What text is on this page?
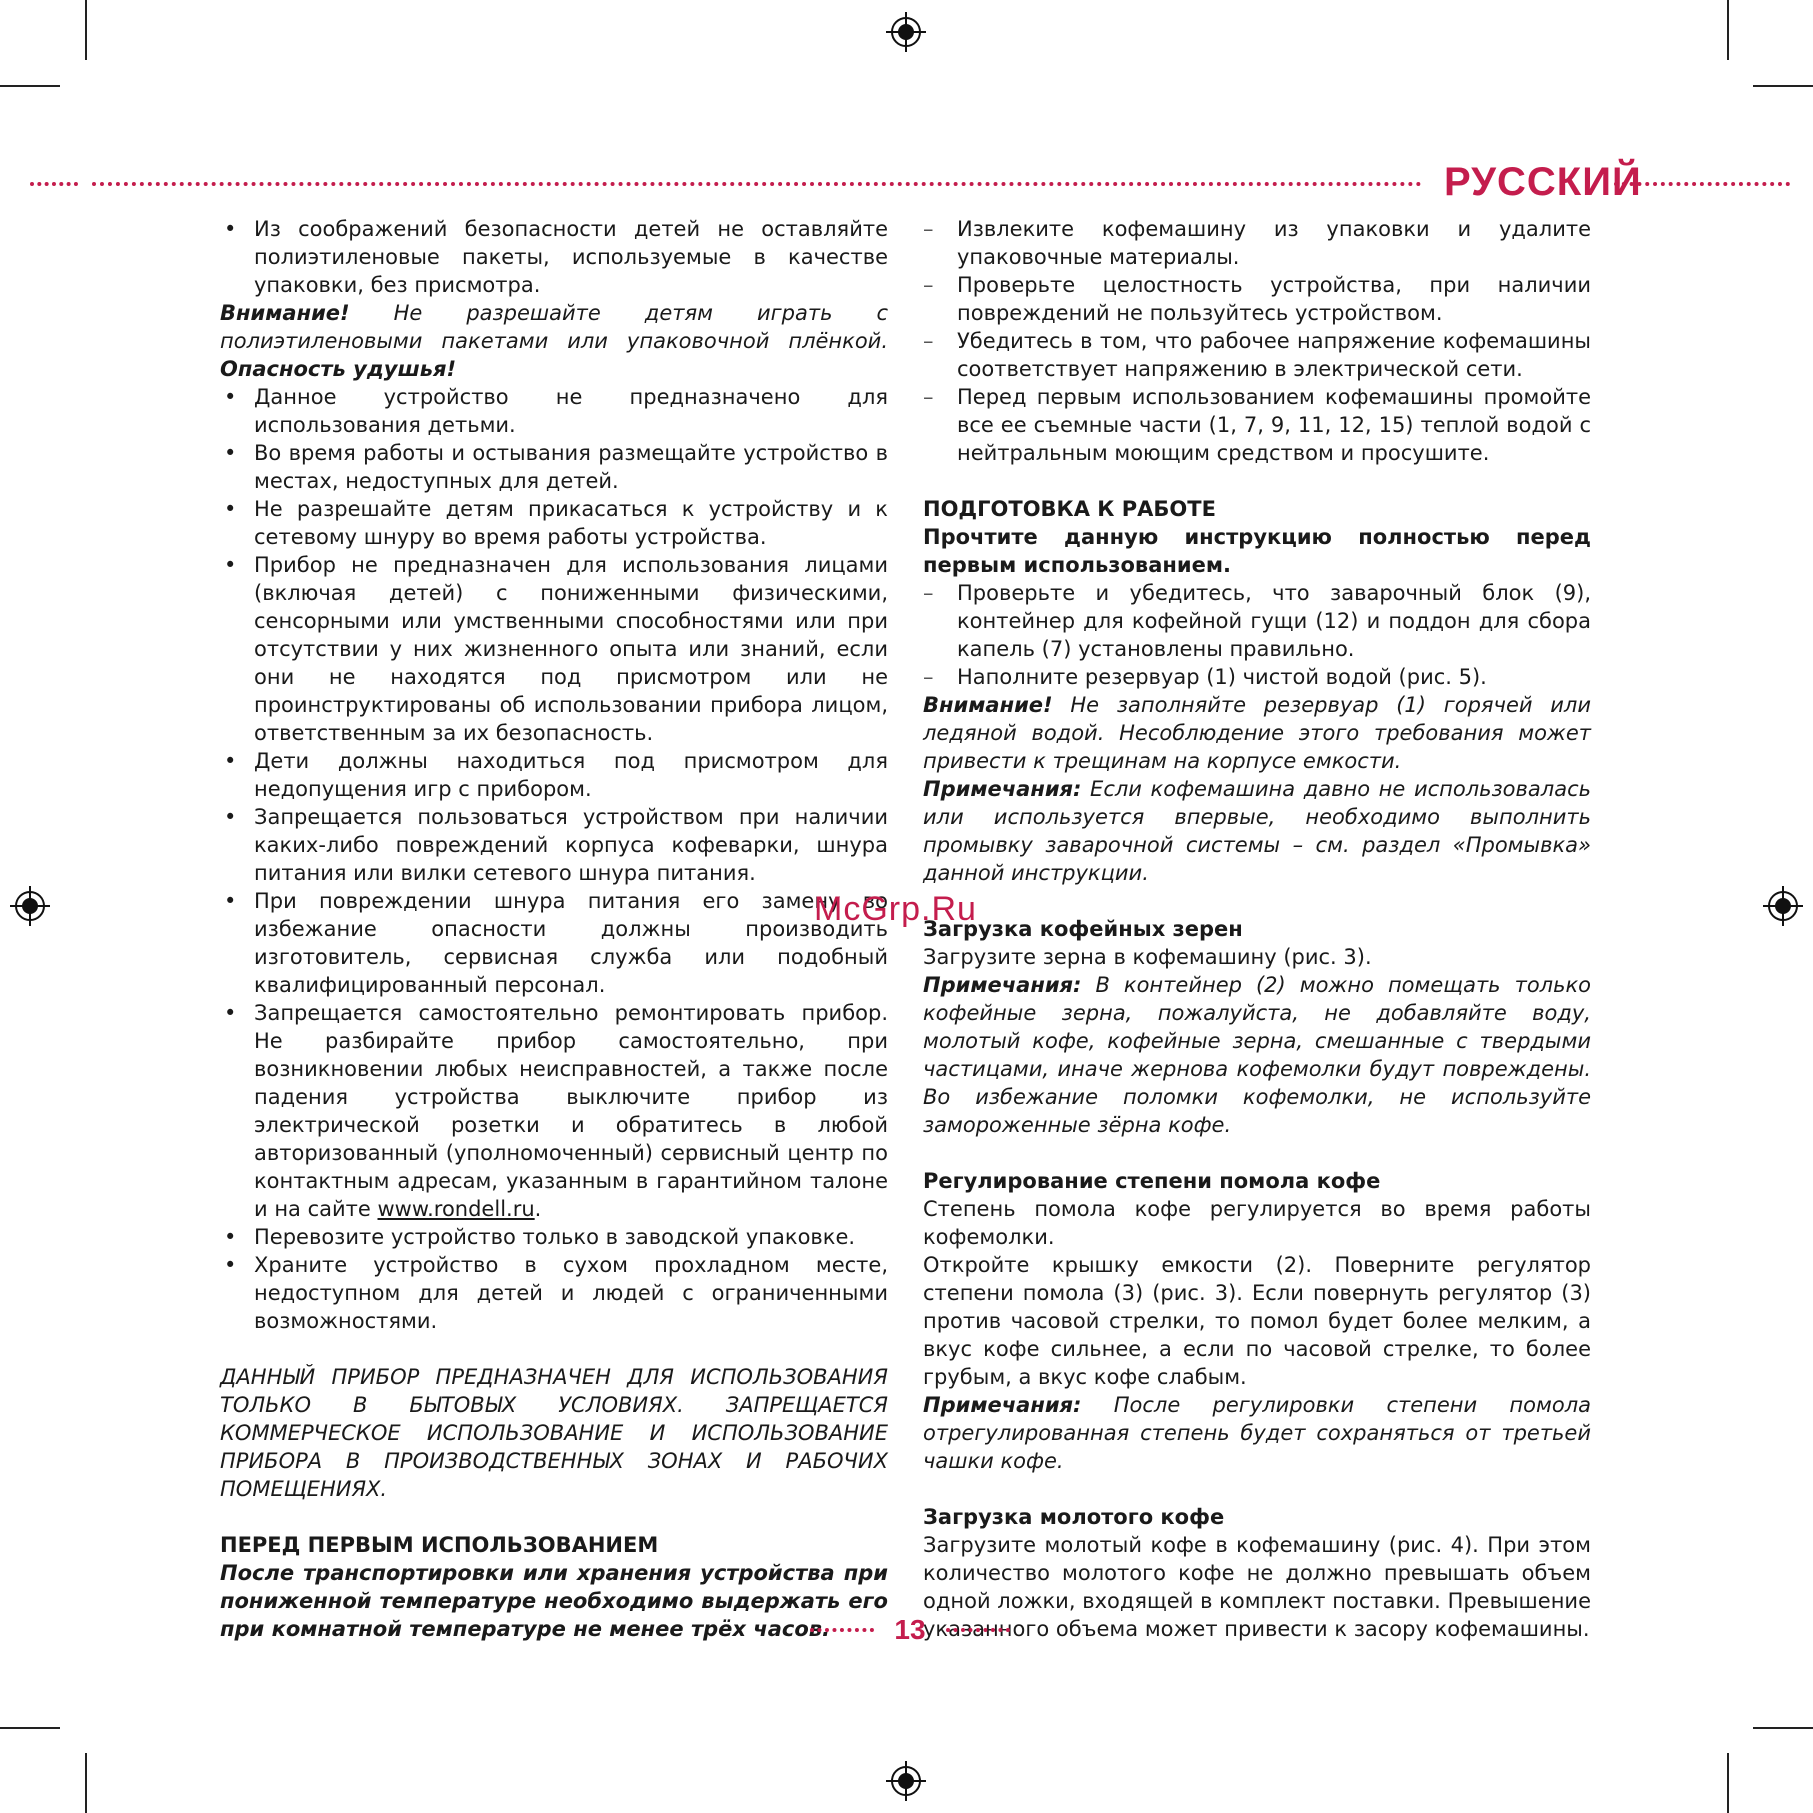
РУССКИЙ

• Из соображений безопасности детей не оставляйте полиэтиленовые пакеты, используемые в качестве упаковки, без присмотра.

Внимание! Не разрешайте детям играть с полиэтиленовыми пакетами или упаковочной плёнкой. Опасность удушья!

• Данное устройство не предназначено для использования детьми.

• Во время работы и остывания размещайте устройство в местах, недоступных для детей.

• Не разрешайте детям прикасаться к устройству и к сетевому шнуру во время работы устройства.

• Прибор не предназначен для использования лицами (включая детей) с пониженными физическими, сенсорными или умственными способностями или при отсутствии у них жизненного опыта или знаний, если они не находятся под присмотром или не проинструктированы об использовании прибора лицом, ответственным за их безопасность.

• Дети должны находиться под присмотром для недопущения игр с прибором.

• Запрещается пользоваться устройством при наличии каких-либо повреждений корпуса кофеварки, шнура питания или вилки сетевого шнура питания.

• При повреждении шнура питания его замену во избежание опасности должны производить изготовитель, сервисная служба или подобный квалифицированный персонал.

• Запрещается самостоятельно ремонтировать прибор. Не разбирайте прибор самостоятельно, при возникновении любых неисправностей, а также после падения устройства выключите прибор из электрической розетки и обратитесь в любой авторизованный (уполномоченный) сервисный центр по контактным адресам, указанным в гарантийном талоне и на сайте www.rondell.ru.

• Перевозите устройство только в заводской упаковке.

• Храните устройство в сухом прохладном месте, недоступном для детей и людей с ограниченными возможностями.

ДАННЫЙ ПРИБОР ПРЕДНАЗНАЧЕН ДЛЯ ИСПОЛЬЗОВАНИЯ ТОЛЬКО В БЫТОВЫХ УСЛОВИЯХ. ЗАПРЕЩАЕТСЯ КОММЕРЧЕСКОЕ ИСПОЛЬЗОВАНИЕ И ИСПОЛЬЗОВАНИЕ ПРИБОРА В ПРОИЗВОДСТВЕННЫХ ЗОНАХ И РАБОЧИХ ПОМЕЩЕНИЯХ.

ПЕРЕД ПЕРВЫМ ИСПОЛЬЗОВАНИЕМ

После транспортировки или хранения устройства при пониженной температуре необходимо выдержать его при комнатной температуре не менее трёх часов.

– Извлеките кофемашину из упаковки и удалите упаковочные материалы.

– Проверьте целостность устройства, при наличии повреждений не пользуйтесь устройством.

– Убедитесь в том, что рабочее напряжение кофемашины соответствует напряжению в электрической сети.

– Перед первым использованием кофемашины промойте все ее съемные части (1, 7, 9, 11, 12, 15) теплой водой с нейтральным моющим средством и просушите.

ПОДГОТОВКА К РАБОТЕ

Прочтите данную инструкцию полностью перед первым использованием.

– Проверьте и убедитесь, что заварочный блок (9), контейнер для кофейной гущи (12) и поддон для сбора капель (7) установлены правильно.

– Наполните резервуар (1) чистой водой (рис. 5).

Внимание! Не заполняйте резервуар (1) горячей или ледяной водой. Несоблюдение этого требования может привести к трещинам на корпусе емкости.

Примечания: Если кофемашина давно не использовалась или используется впервые, необходимо выполнить промывку заварочной системы – см. раздел «Промывка» данной инструкции.

Загрузка кофейных зерен

Загрузите зерна в кофемашину (рис. 3).

Примечания: В контейнер (2) можно помещать только кофейные зерна, пожалуйста, не добавляйте воду, молотый кофе, кофейные зерна, смешанные с твердыми частицами, иначе жернова кофемолки будут повреждены. Во избежание поломки кофемолки, не используйте замороженные зёрна кофе.

Регулирование степени помола кофе

Степень помола кофе регулируется во время работы кофемолки.

Откройте крышку емкости (2). Поверните регулятор степени помола (3) (рис. 3). Если повернуть регулятор (3) против часовой стрелки, то помол будет более мелким, а вкус кофе сильнее, а если по часовой стрелке, то более грубым, а вкус кофе слабым.

Примечания: После регулировки степени помола отрегулированная степень будет сохраняться от третьей чашки кофе.

Загрузка молотого кофе

Загрузите молотый кофе в кофемашину (рис. 4). При этом количество молотого кофе не должно превышать объем одной ложки, входящей в комплект поставки. Превышение указанного объема может привести к засору кофемашины.

McGrp.Ru
13
